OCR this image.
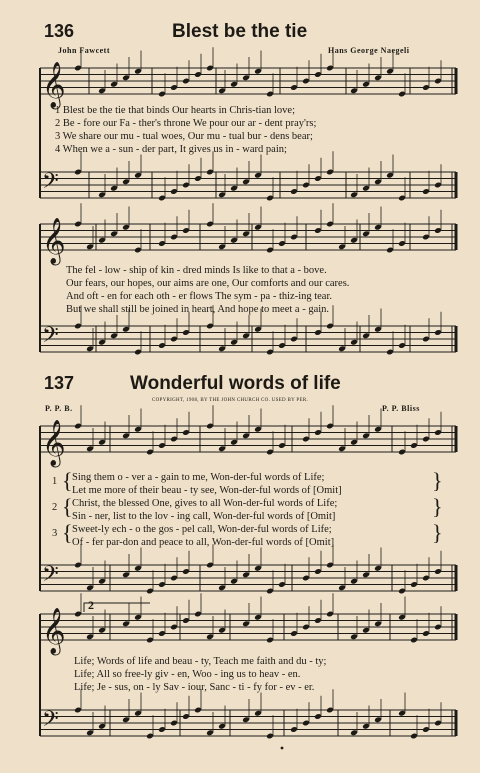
136	Blest be the tie
John Fawcett	Hans George Naegeli
𝄞
𝄢
𝄞
𝄢
𝄞
𝄢
𝄞
𝄢
1 Blest be the tie that binds Our hearts in Chris-tian love;
2 Be - fore our Fa - ther's throne We pour our ar - dent pray'rs;
3 We share our mu - tual woes, Our mu - tual bur - dens bear;
4 When we a - sun - der part, It gives us in - ward pain;
The fel - low - ship of kin - dred minds Is like to that a - bove.
Our fears, our hopes, our aims are one, Our comforts and our cares.
And oft - en for each oth - er flows The sym - pa - thiz-ing tear.
But we shall still be joined in heart, And hope to meet a - gain.
137	Wonderful words of life
COPYRIGHT, 1908, BY THE JOHN CHURCH CO. USED BY PER.
P. P. B.	P. P. Bliss
1
2
3
{
{
{
}
}
}
Sing them o - ver a - gain to me, Won-der-ful words of Life;
Let me more of their beau - ty see, Won-der-ful words of [Omit]
Christ, the blessed One, gives to all Won-der-ful words of Life;
Sin - ner, list to the lov - ing call, Won-der-ful words of [Omit]
Sweet-ly ech - o the gos - pel call, Won-der-ful words of Life;
Of - fer par-don and peace to all, Won-der-ful words of [Omit]
2
Life; Words of life and beau - ty, Teach me faith and du - ty;
Life; All so free-ly giv - en, Woo - ing us to heav - en.
Life; Je - sus, on - ly Sav - iour, Sanc - ti - fy for - ev - er.
